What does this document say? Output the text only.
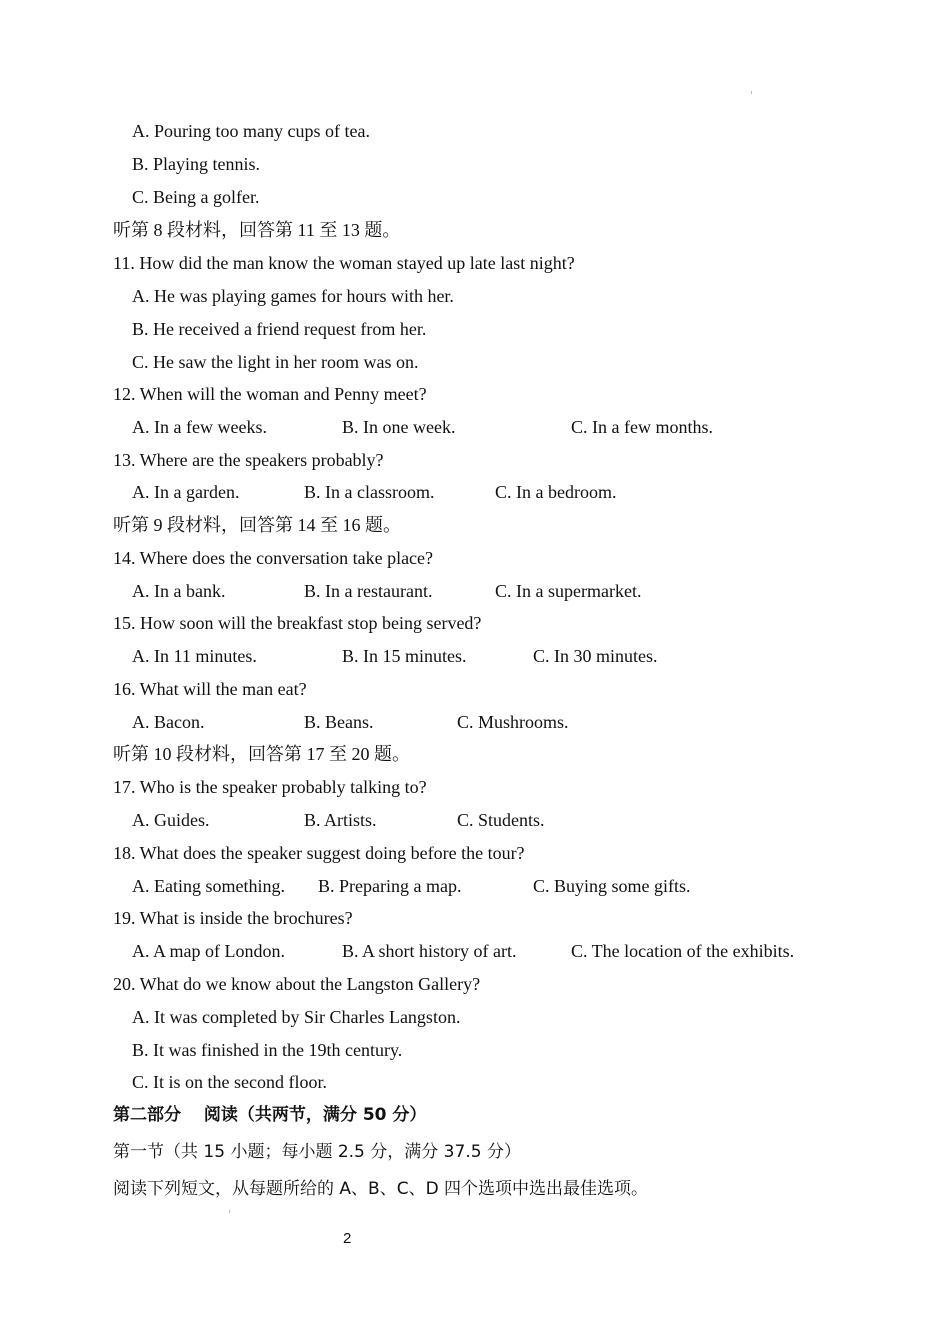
A. Pouring too many cups of tea.
B. Playing tennis.
C. Being a golfer.
听第 8 段材料，回答第 11 至 13 题。
11. How did the man know the woman stayed up late last night?
A. He was playing games for hours with her.
B. He received a friend request from her.
C. He saw the light in her room was on.
12. When will the woman and Penny meet?
A. In a few weeks.	B. In one week.	C. In a few months.
13. Where are the speakers probably?
A. In a garden.	B. In a classroom.	C. In a bedroom.
听第 9 段材料，回答第 14 至 16 题。
14. Where does the conversation take place?
A. In a bank.	B. In a restaurant.	C. In a supermarket.
15. How soon will the breakfast stop being served?
A. In 11 minutes.	B. In 15 minutes.	C. In 30 minutes.
16. What will the man eat?
A. Bacon.	B. Beans.	C. Mushrooms.
听第 10 段材料，回答第 17 至 20 题。
17. Who is the speaker probably talking to?
A. Guides.	B. Artists.	C. Students.
18. What does the speaker suggest doing before the tour?
A. Eating something. B. Preparing a map.	C. Buying some gifts.
19. What is inside the brochures?
A. A map of London.	B. A short history of art.	C. The location of the exhibits.
20. What do we know about the Langston Gallery?
A. It was completed by Sir Charles Langston.
B. It was finished in the 19th century.
C. It is on the second floor.
第二部分　 阅读（共两节，满分 50 分）
第一节（共 15 小题；每小题 2.5 分，满分 37.5 分）
阅读下列短文，从每题所给的 A、B、C、D 四个选项中选出最佳选项。
2
